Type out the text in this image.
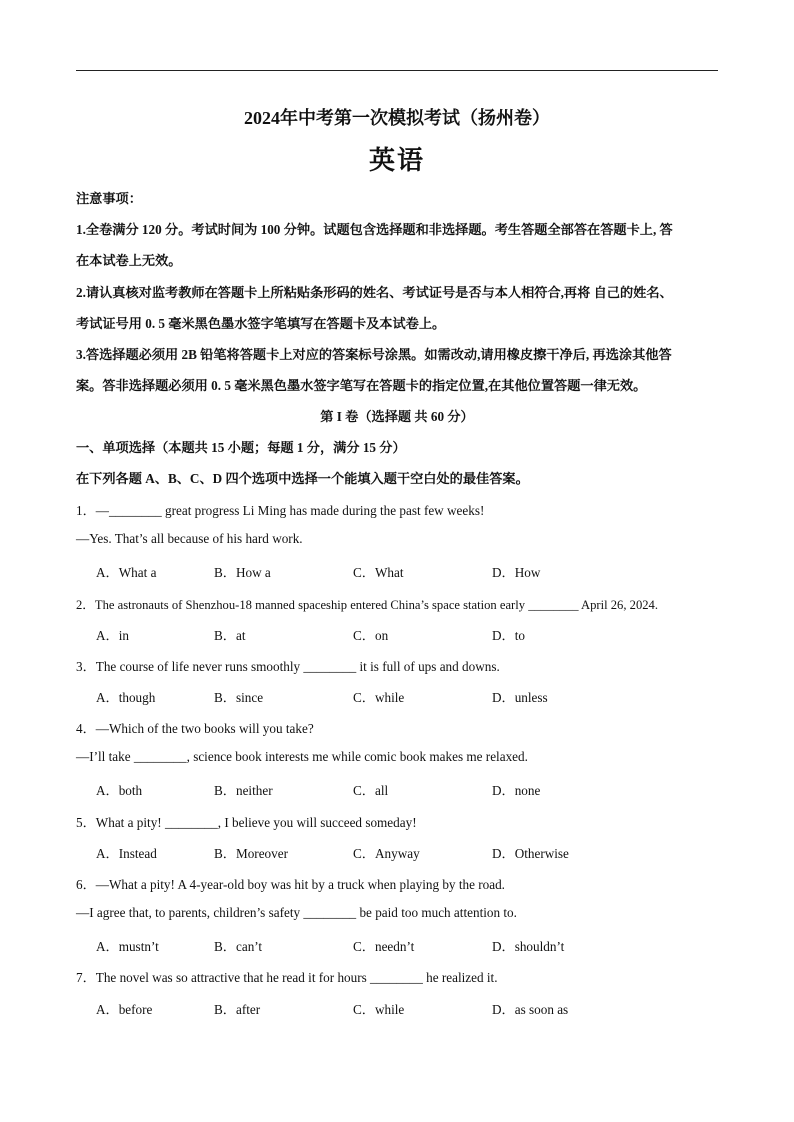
2024年中考第一次模拟考试（扬州卷）
英语
注意事项：
1.全卷满分 120 分。考试时间为 100 分钟。试题包含选择题和非选择题。考生答题全部答在答题卡上, 答
在本试卷上无效。
2.请认真核对监考教师在答题卡上所粘贴条形码的姓名、考试证号是否与本人相符合,再将 自己的姓名、
考试证号用 0. 5 毫米黑色墨水签字笔填写在答题卡及本试卷上。
3.答选择题必须用 2B 铅笔将答题卡上对应的答案标号涂黑。如需改动,请用橡皮擦干净后, 再选涂其他答
案。答非选择题必须用 0. 5 毫米黑色墨水签字笔写在答题卡的指定位置,在其他位置答题一律无效。
第 I 卷（选择题 共 60 分）
一、单项选择（本题共 15 小题；每题 1 分，满分 15 分）
在下列各题 A、B、C、D 四个选项中选择一个能填入题干空白处的最佳答案。
1．—________ great progress Li Ming has made during the past few weeks!
—Yes. That’s all because of his hard work.
A．What a	B．How a	C．What	D．How
2．The astronauts of Shenzhou-18 manned spaceship entered China’s space station early ________ April 26, 2024.
A．in	B．at	C．on	D．to
3．The course of life never runs smoothly ________ it is full of ups and downs.
A．though	B．since	C．while	D．unless
4．—Which of the two books will you take?
—I’ll take ________, science book interests me while comic book makes me relaxed.
A．both	B．neither	C．all	D．none
5．What a pity! ________, I believe you will succeed someday!
A．Instead	B．Moreover	C．Anyway	D．Otherwise
6．—What a pity! A 4-year-old boy was hit by a truck when playing by the road.
—I agree that, to parents, children’s safety ________ be paid too much attention to.
A．mustn’t	B．can’t	C．needn’t	D．shouldn’t
7．The novel was so attractive that he read it for hours ________ he realized it.
A．before	B．after	C．while	D．as soon as
